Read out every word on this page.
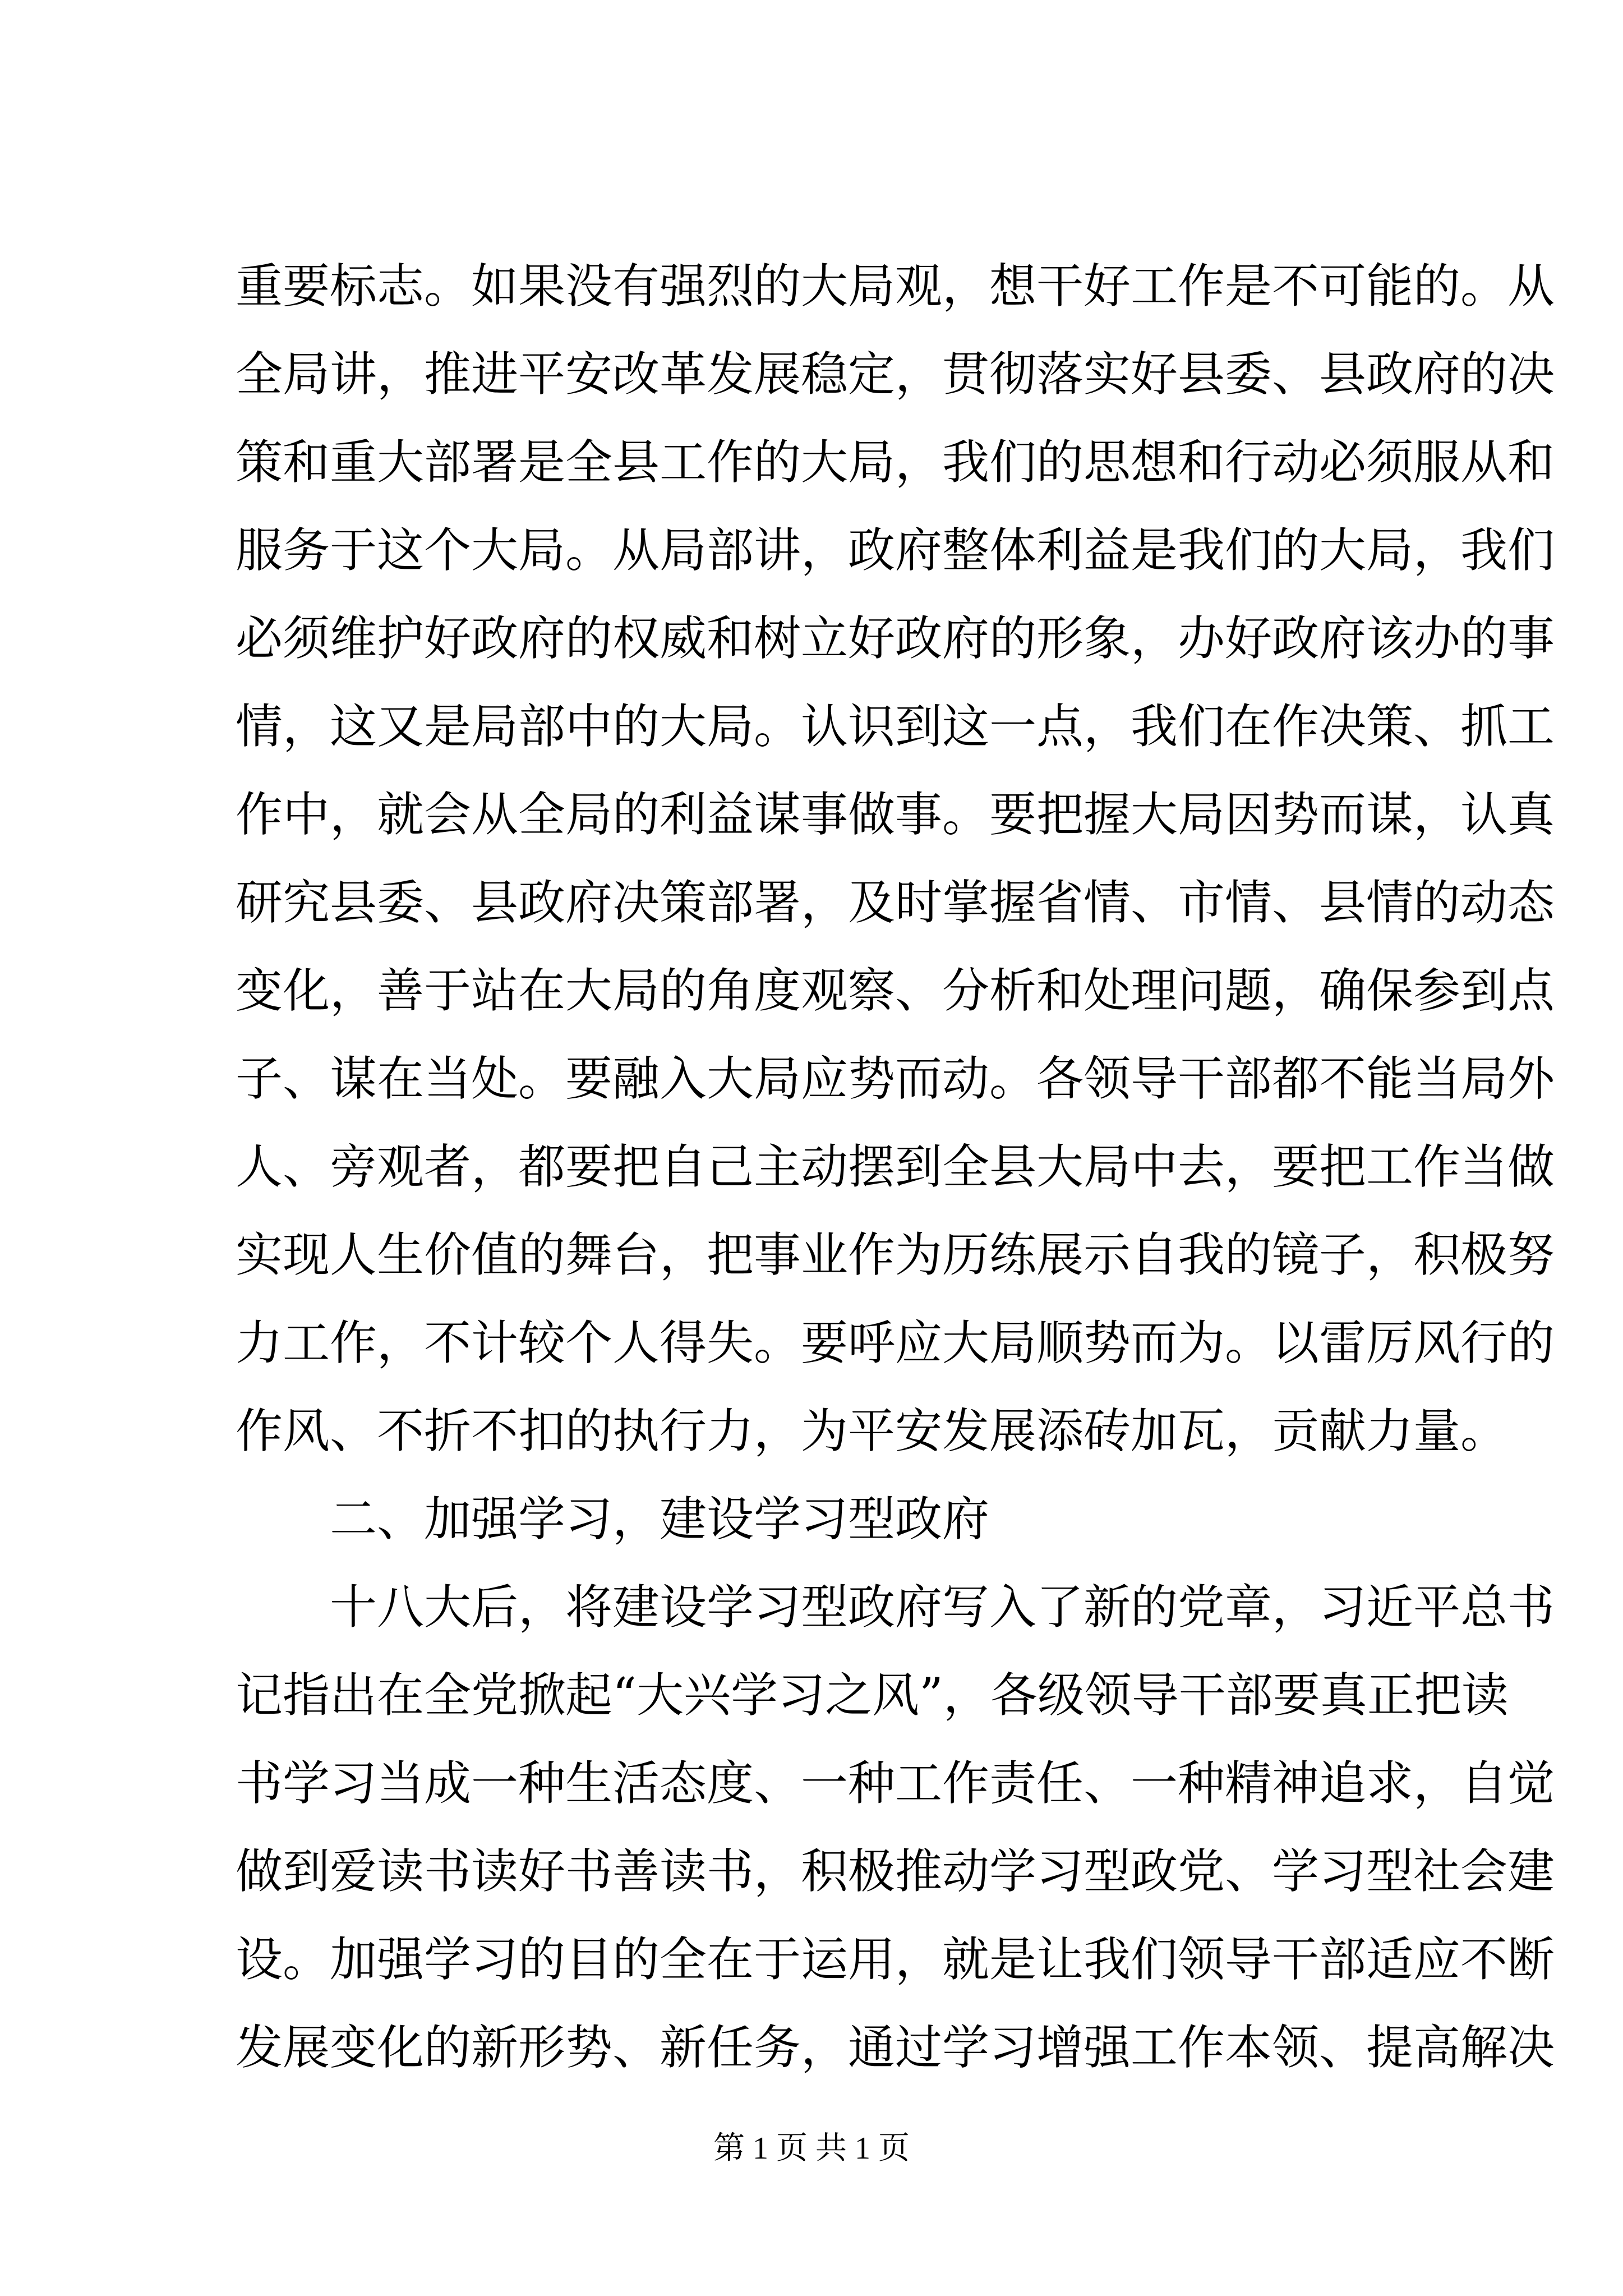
重要标志。如果没有强烈的大局观，想干好工作是不可能的。从
全局讲，推进平安改革发展稳定，贯彻落实好县委、县政府的决
策和重大部署是全县工作的大局，我们的思想和行动必须服从和
服务于这个大局。从局部讲，政府整体利益是我们的大局，我们
必须维护好政府的权威和树立好政府的形象，办好政府该办的事
情，这又是局部中的大局。认识到这一点，我们在作决策、抓工
作中，就会从全局的利益谋事做事。要把握大局因势而谋，认真
研究县委、县政府决策部署，及时掌握省情、市情、县情的动态
变化，善于站在大局的角度观察、分析和处理问题，确保参到点
子、谋在当处。要融入大局应势而动。各领导干部都不能当局外
人、旁观者，都要把自己主动摆到全县大局中去，要把工作当做
实现人生价值的舞台，把事业作为历练展示自我的镜子，积极努
力工作，不计较个人得失。要呼应大局顺势而为。以雷厉风行的
作风、不折不扣的执行力，为平安发展添砖加瓦，贡献力量。
二、加强学习，建设学习型政府
十八大后，将建设学习型政府写入了新的党章，习近平总书
记指出在全党掀起“大兴学习之风”，各级领导干部要真正把读
书学习当成一种生活态度、一种工作责任、一种精神追求，自觉
做到爱读书读好书善读书，积极推动学习型政党、学习型社会建
设。加强学习的目的全在于运用，就是让我们领导干部适应不断
发展变化的新形势、新任务，通过学习增强工作本领、提高解决
第 1 页 共 1 页
